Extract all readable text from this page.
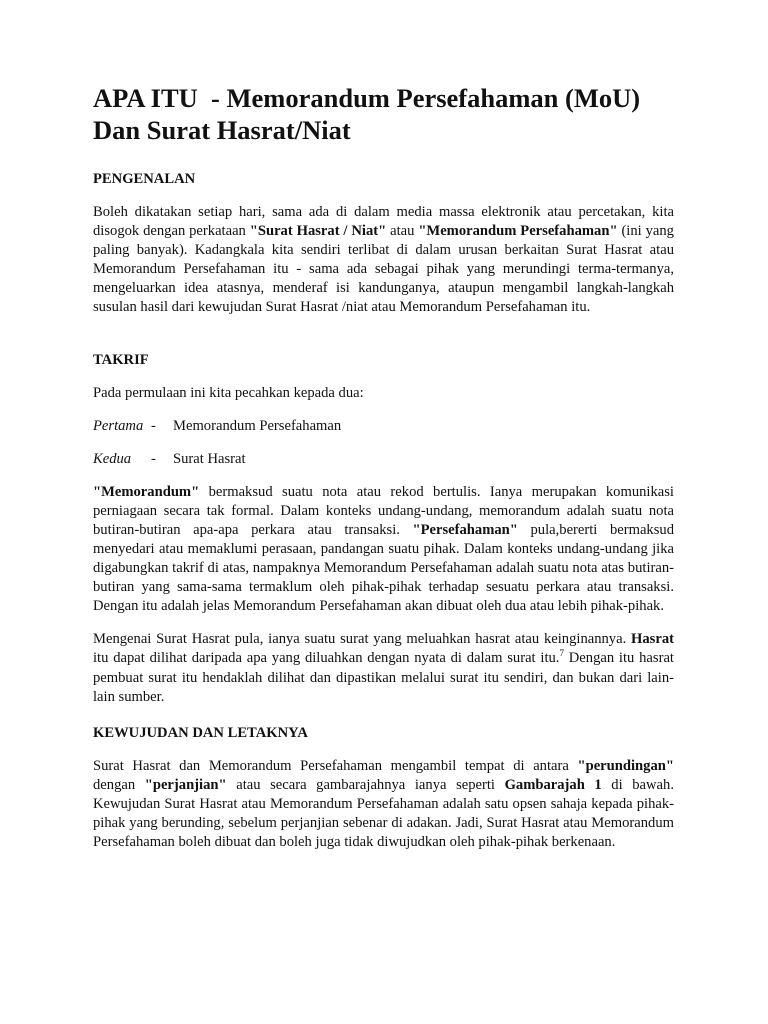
APA ITU  - Memorandum Persefahaman (MoU)
Dan Surat Hasrat/Niat
PENGENALAN

Boleh dikatakan setiap hari, sama ada di dalam media massa elektronik atau percetakan, kita disogok dengan perkataan "Surat Hasrat / Niat" atau "Memorandum Persefahaman" (ini yang paling banyak). Kadangkala kita sendiri terlibat di dalam urusan berkaitan Surat Hasrat atau Memorandum Persefahaman itu - sama ada sebagai pihak yang merundingi terma-termanya, mengeluarkan idea atasnya, menderaf isi kandunganya, ataupun mengambil langkah-langkah susulan hasil dari kewujudan Surat Hasrat /niat atau Memorandum Persefahaman itu.

TAKRIF

Pada permulaan ini kita pecahkan kepada dua:

Pertama -	Memorandum Persefahaman
Kedua	-	Surat Hasrat

"Memorandum" bermaksud suatu nota atau rekod bertulis. Ianya merupakan komunikasi perniagaan secara tak formal. Dalam konteks undang-undang, memorandum adalah suatu nota butiran-butiran apa-apa perkara atau transaksi. "Persefahaman" pula,bererti bermaksud menyedari atau memaklumi perasaan, pandangan suatu pihak. Dalam konteks undang-undang jika digabungkan takrif di atas, nampaknya Memorandum Persefahaman adalah suatu nota atas butiran-butiran yang sama-sama termaklum oleh pihak-pihak terhadap sesuatu perkara atau transaksi. Dengan itu adalah jelas Memorandum Persefahaman akan dibuat oleh dua atau lebih pihak-pihak.

Mengenai Surat Hasrat pula, ianya suatu surat yang meluahkan hasrat atau keinginannya. Hasrat itu dapat dilihat daripada apa yang diluahkan dengan nyata di dalam surat itu.$^7$ Dengan itu hasrat pembuat surat itu hendaklah dilihat dan dipastikan melalui surat itu sendiri, dan bukan dari lain-lain sumber.

KEWUJUDAN DAN LETAKNYA

Surat Hasrat dan Memorandum Persefahaman mengambil tempat di antara "perundingan" dengan "perjanjian" atau secara gambarajahnya ianya seperti Gambarajah 1 di bawah. Kewujudan Surat Hasrat atau Memorandum Persefahaman adalah satu opsen sahaja kepada pihak-pihak yang berunding, sebelum perjanjian sebenar di adakan. Jadi, Surat Hasrat atau Memorandum Persefahaman boleh dibuat dan boleh juga tidak diwujudkan oleh pihak-pihak berkenaan.
